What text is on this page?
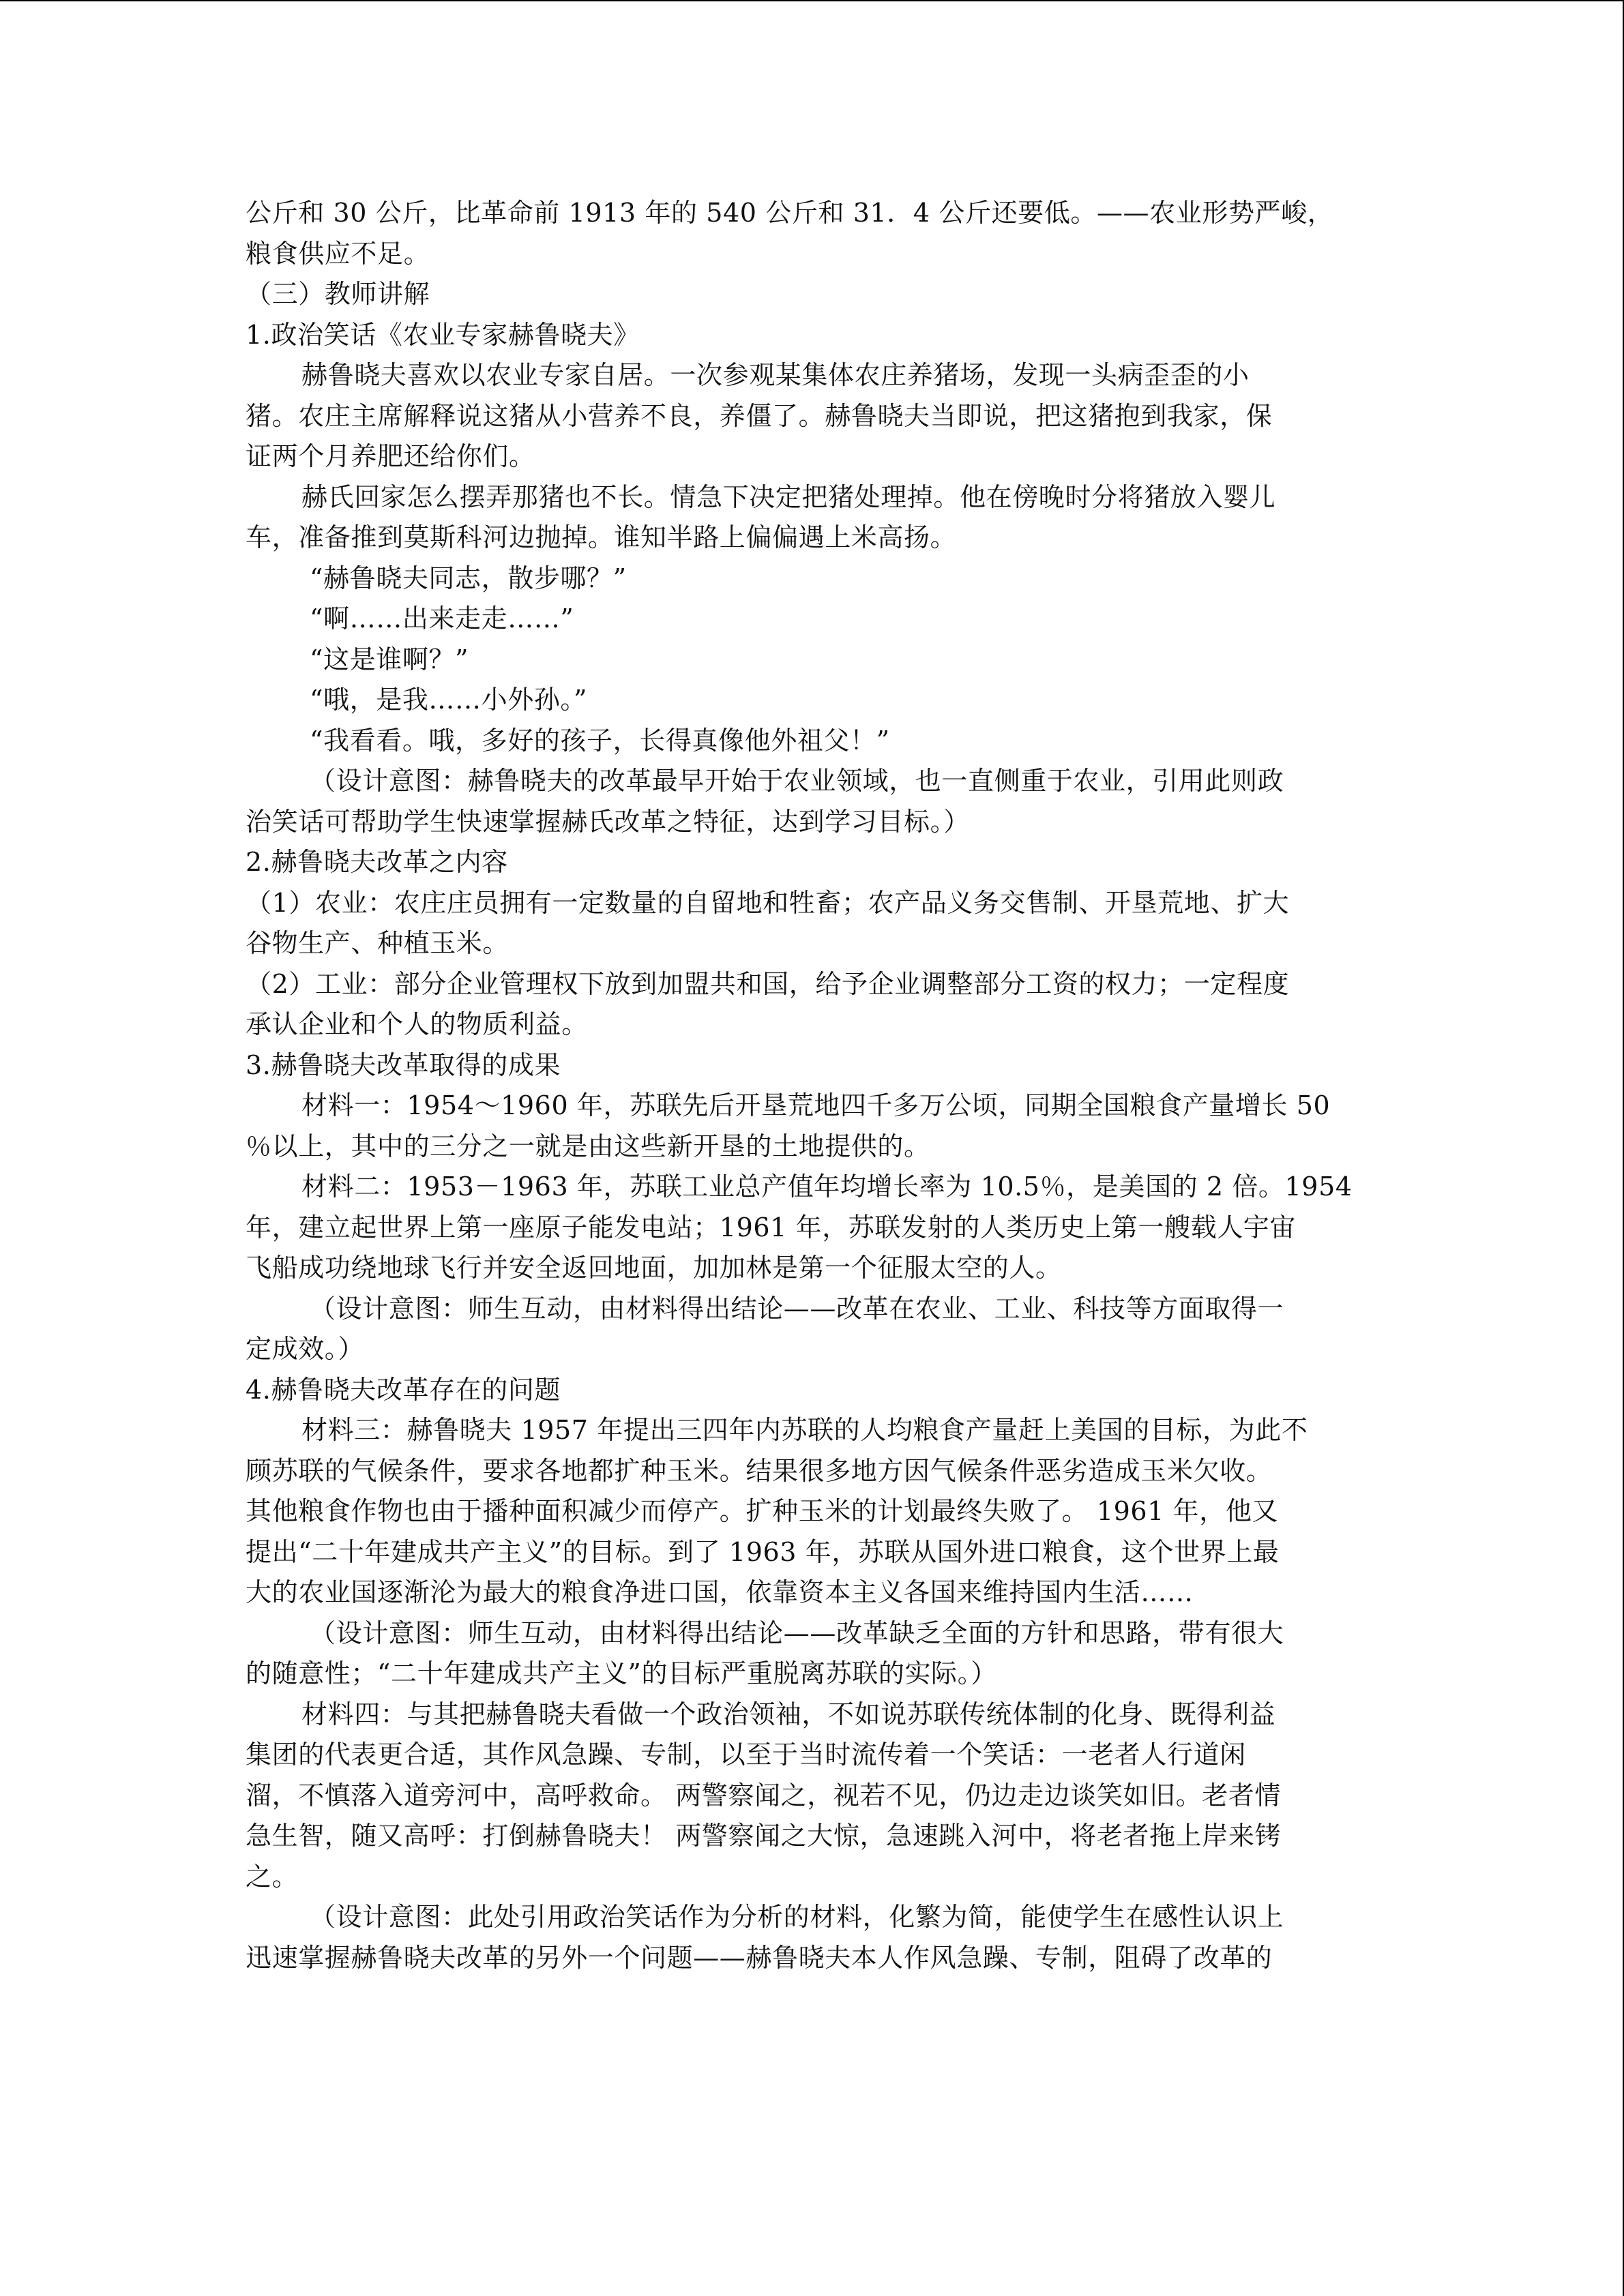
公斤和 30 公斤，比革命前 1913 年的 540 公斤和 31．4 公斤还要低。——农业形势严峻，
粮食供应不足。
（三）教师讲解
1.政治笑话《农业专家赫鲁晓夫》
赫鲁晓夫喜欢以农业专家自居。一次参观某集体农庄养猪场，发现一头病歪歪的小
猪。农庄主席解释说这猪从小营养不良，养僵了。赫鲁晓夫当即说，把这猪抱到我家，保
证两个月养肥还给你们。
赫氏回家怎么摆弄那猪也不长。情急下决定把猪处理掉。他在傍晚时分将猪放入婴儿
车，准备推到莫斯科河边抛掉。谁知半路上偏偏遇上米高扬。
“赫鲁晓夫同志，散步哪？”
“啊……出来走走……”
“这是谁啊？”
“哦，是我……小外孙。”
“我看看。哦，多好的孩子，长得真像他外祖父！”
（设计意图：赫鲁晓夫的改革最早开始于农业领域，也一直侧重于农业，引用此则政
治笑话可帮助学生快速掌握赫氏改革之特征，达到学习目标。）
2.赫鲁晓夫改革之内容
（1）农业：农庄庄员拥有一定数量的自留地和牲畜；农产品义务交售制、开垦荒地、扩大
谷物生产、种植玉米。
（2）工业：部分企业管理权下放到加盟共和国，给予企业调整部分工资的权力；一定程度
承认企业和个人的物质利益。
3.赫鲁晓夫改革取得的成果
材料一：1954～1960 年，苏联先后开垦荒地四千多万公顷，同期全国粮食产量增长 50
％以上，其中的三分之一就是由这些新开垦的土地提供的。
材料二：1953－1963 年，苏联工业总产值年均增长率为 10.5％，是美国的 2 倍。1954
年，建立起世界上第一座原子能发电站；1961 年，苏联发射的人类历史上第一艘载人宇宙
飞船成功绕地球飞行并安全返回地面，加加林是第一个征服太空的人。
（设计意图：师生互动，由材料得出结论——改革在农业、工业、科技等方面取得一
定成效。）
4.赫鲁晓夫改革存在的问题
材料三：赫鲁晓夫 1957 年提出三四年内苏联的人均粮食产量赶上美国的目标，为此不
顾苏联的气候条件，要求各地都扩种玉米。结果很多地方因气候条件恶劣造成玉米欠收。
其他粮食作物也由于播种面积减少而停产。扩种玉米的计划最终失败了。 1961 年，他又
提出“二十年建成共产主义”的目标。到了 1963 年，苏联从国外进口粮食，这个世界上最
大的农业国逐渐沦为最大的粮食净进口国，依靠资本主义各国来维持国内生活……
（设计意图：师生互动，由材料得出结论——改革缺乏全面的方针和思路，带有很大
的随意性；“二十年建成共产主义”的目标严重脱离苏联的实际。）
材料四：与其把赫鲁晓夫看做一个政治领袖，不如说苏联传统体制的化身、既得利益
集团的代表更合适，其作风急躁、专制，以至于当时流传着一个笑话：一老者人行道闲
溜，不慎落入道旁河中，高呼救命。 两警察闻之，视若不见，仍边走边谈笑如旧。老者情
急生智，随又高呼：打倒赫鲁晓夫！ 两警察闻之大惊，急速跳入河中，将老者拖上岸来铐
之。
（设计意图：此处引用政治笑话作为分析的材料，化繁为简，能使学生在感性认识上
迅速掌握赫鲁晓夫改革的另外一个问题——赫鲁晓夫本人作风急躁、专制，阻碍了改革的
